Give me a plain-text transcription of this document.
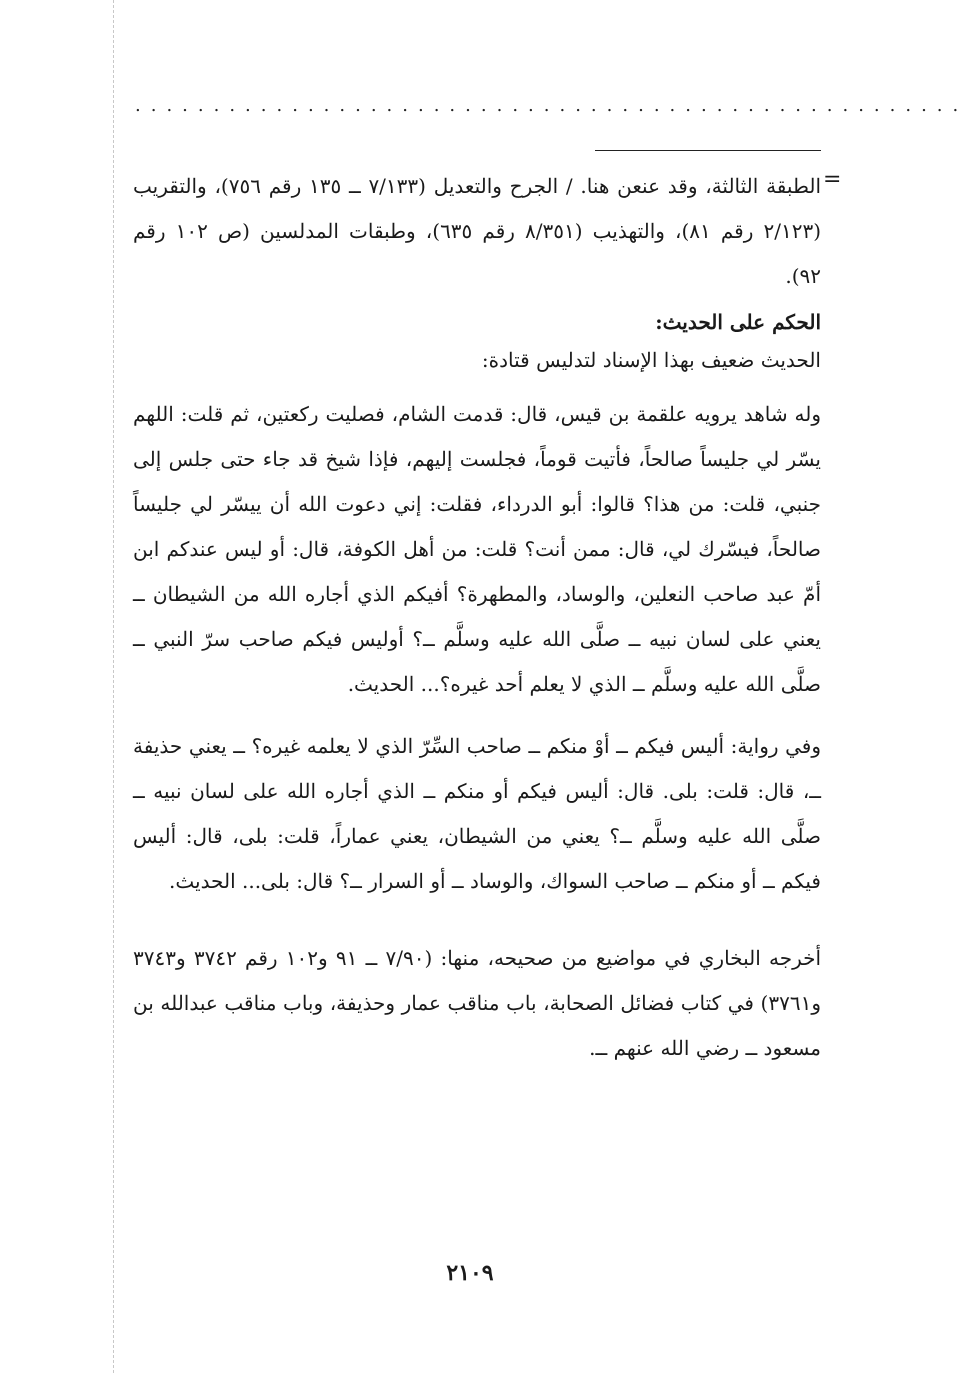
.....................................................
=

الطبقة الثالثة، وقد عنعن هنا. / الجرح والتعديل (٧/١٣٣ ــ ١٣٥ رقم ٧٥٦)، والتقريب (٢/١٢٣ رقم ٨١)، والتهذيب (٨/٣٥١ رقم ٦٣٥)، وطبقات المدلسين (ص ١٠٢ رقم ٩٢).

الحكم على الحديث:

الحديث ضعيف بهذا الإسناد لتدليس قتادة:

وله شاهد يرويه علقمة بن قيس، قال: قدمت الشام، فصليت ركعتين، ثم قلت: اللهم يسّر لي جليساً صالحاً، فأتيت قوماً، فجلست إليهم، فإذا شيخ قد جاء حتى جلس إلى جنبي، قلت: من هذا؟ قالوا: أبو الدرداء، فقلت: إني دعوت الله أن ييسّر لي جليساً صالحاً، فيسّرك لي، قال: ممن أنت؟ قلت: من أهل الكوفة، قال: أو ليس عندكم ابن أمّ عبد صاحب النعلين، والوساد، والمطهرة؟ أفيكم الذي أجاره الله من الشيطان ــ يعني على لسان نبيه ــ صلَّى الله عليه وسلَّم ــ؟ أوليس فيكم صاحب سرّ النبي ــ صلَّى الله عليه وسلَّم ــ الذي لا يعلم أحد غيره؟... الحديث.

وفي رواية: أليس فيكم ــ أوْ منكم ــ صاحب السِّرّ الذي لا يعلمه غيره؟ ــ يعني حذيفة ــ، قال: قلت: بلى. قال: أليس فيكم أو منكم ــ الذي أجاره الله على لسان نبيه ــ صلَّى الله عليه وسلَّم ــ؟ يعني من الشيطان، يعني عماراً، قلت: بلى، قال: أليس فيكم ــ أو منكم ــ صاحب السواك، والوساد ــ أو السرار ــ؟ قال: بلى... الحديث.

أخرجه البخاري في مواضيع من صحيحه، منها: (٧/٩٠ ــ ٩١ و١٠٢ رقم ٣٧٤٢ و٣٧٤٣ و٣٧٦١) في كتاب فضائل الصحابة، باب مناقب عمار وحذيفة، وباب مناقب عبدالله بن مسعود ــ رضي الله عنهم ــ.

٢١٠٩
